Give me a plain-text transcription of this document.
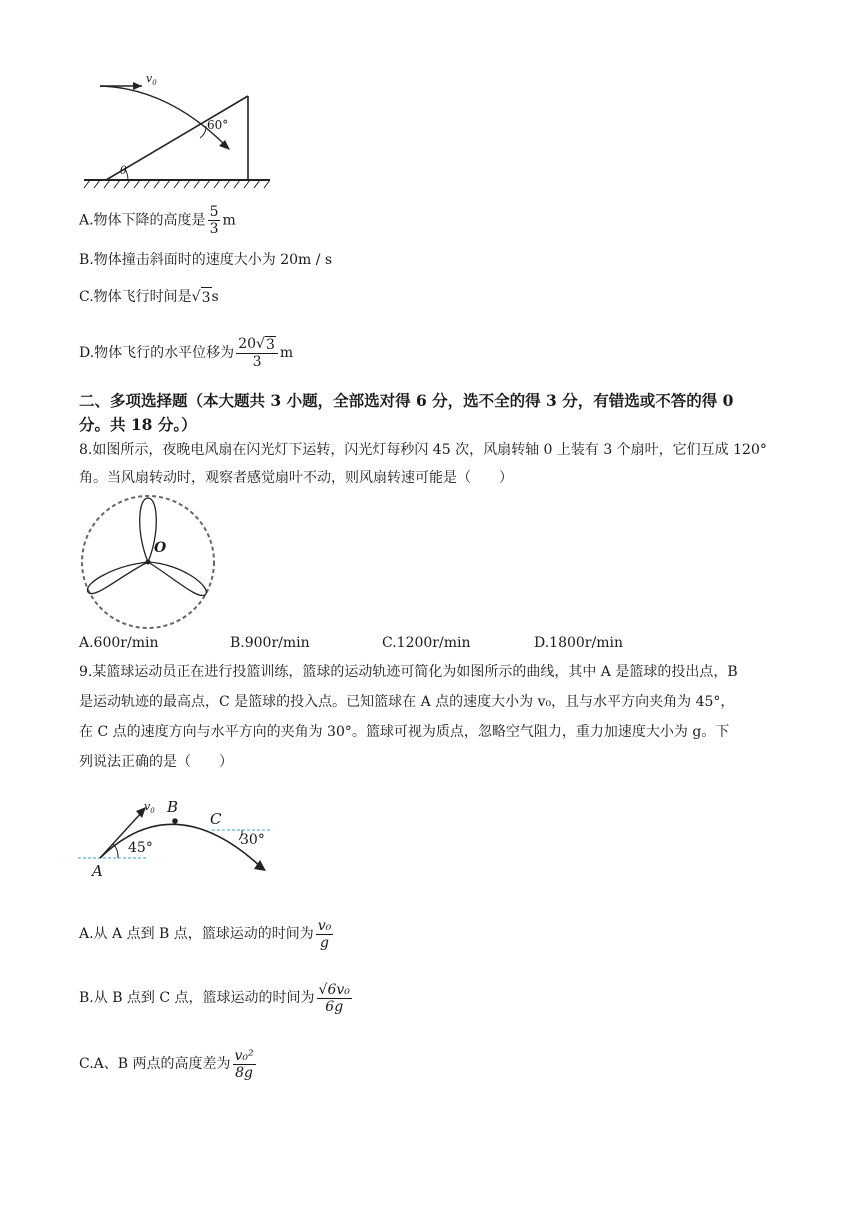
$v_0$
60°
θ
A.物体下降的高度是 $\frac{5}{3}$ m
B.物体撞击斜面时的速度大小为 20m / s
C.物体飞行时间是√ 3 s
D.物体飞行的水平位移为 $\frac{20√ 3}{3}$ m
二、多项选择题（本大题共 3 小题，全部选对得 6 分，选不全的得 3 分，有错选或不答的得 0
分。共 18 分。）
8.如图所示，夜晚电风扇在闪光灯下运转，闪光灯每秒闪 45 次，风扇转轴 0 上装有 3 个扇叶，它们互成 120°
角。当风扇转动时，观察者感觉扇叶不动，则风扇转速可能是（　　）
O
A.600r/min	B.900r/min	C.1200r/min	D.1800r/min
9.某篮球运动员正在进行投篮训练，篮球的运动轨迹可简化为如图所示的曲线，其中 A 是篮球的投出点，B
是运动轨迹的最高点，C 是篮球的投入点。已知篮球在 A 点的速度大小为 v₀，且与水平方向夹角为 45°，
在 C 点的速度方向与水平方向的夹角为 30°。篮球可视为质点，忽略空气阻力，重力加速度大小为 g。下
列说法正确的是（　　）
$v_0$ B
C
A
45°	30°
A.从 A 点到 B 点，篮球运动的时间为 $\frac{\text{v₀}}{g}$
B.从 B 点到 C 点，篮球运动的时间为 $\frac{\text{√6v₀}}{6g}$
C.A、B 两点的高度差为 $\frac{\text{v₀²}}{8g}$
